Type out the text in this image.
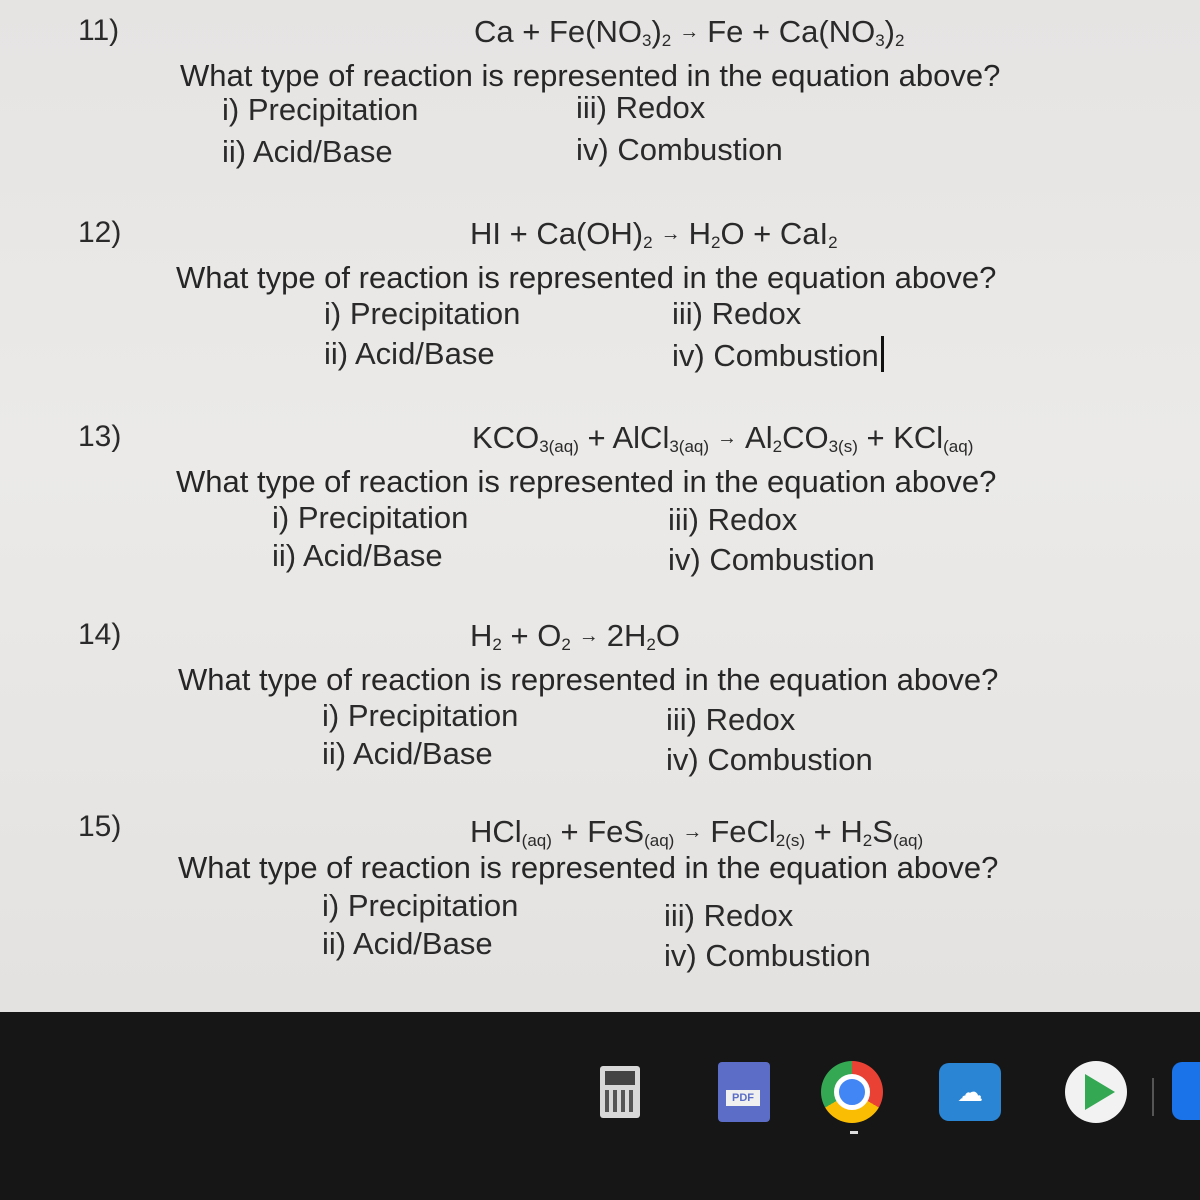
11)	$Ca + Fe(NO_3)_2 \to Fe + Ca(NO_3)_2$
What type of reaction is represented in the equation above?
i) Precipitation
ii) Acid/Base
iii) Redox
iv) Combustion
12)	HI + $Ca(OH)_2 \to H_2O + CaI_2$
What type of reaction is represented in the equation above?
i) Precipitation
ii) Acid/Base
iii) Redox
iv) Combustion
13)	$KCO_{3(aq)}$ + AlCl$_{3(aq)}$ → $Al_2CO_{3(s)} + KCl_{(aq)}$
What type of reaction is represented in the equation above?
i) Precipitation
ii) Acid/Base
iii) Redox
iv) Combustion
14)	$H_2 + O_2 \to 2H_2O$
What type of reaction is represented in the equation above?
i) Precipitation
ii) Acid/Base
iii) Redox
iv) Combustion
15)	HCl$_{(aq)}$ + FeS$_{(aq)}$ → FeCl$_{2(s)}$ + $H_2S_{(aq)}$
What type of reaction is represented in the equation above?
i) Precipitation
ii) Acid/Base
iii) Redox
iv) Combustion
PDF	☁
